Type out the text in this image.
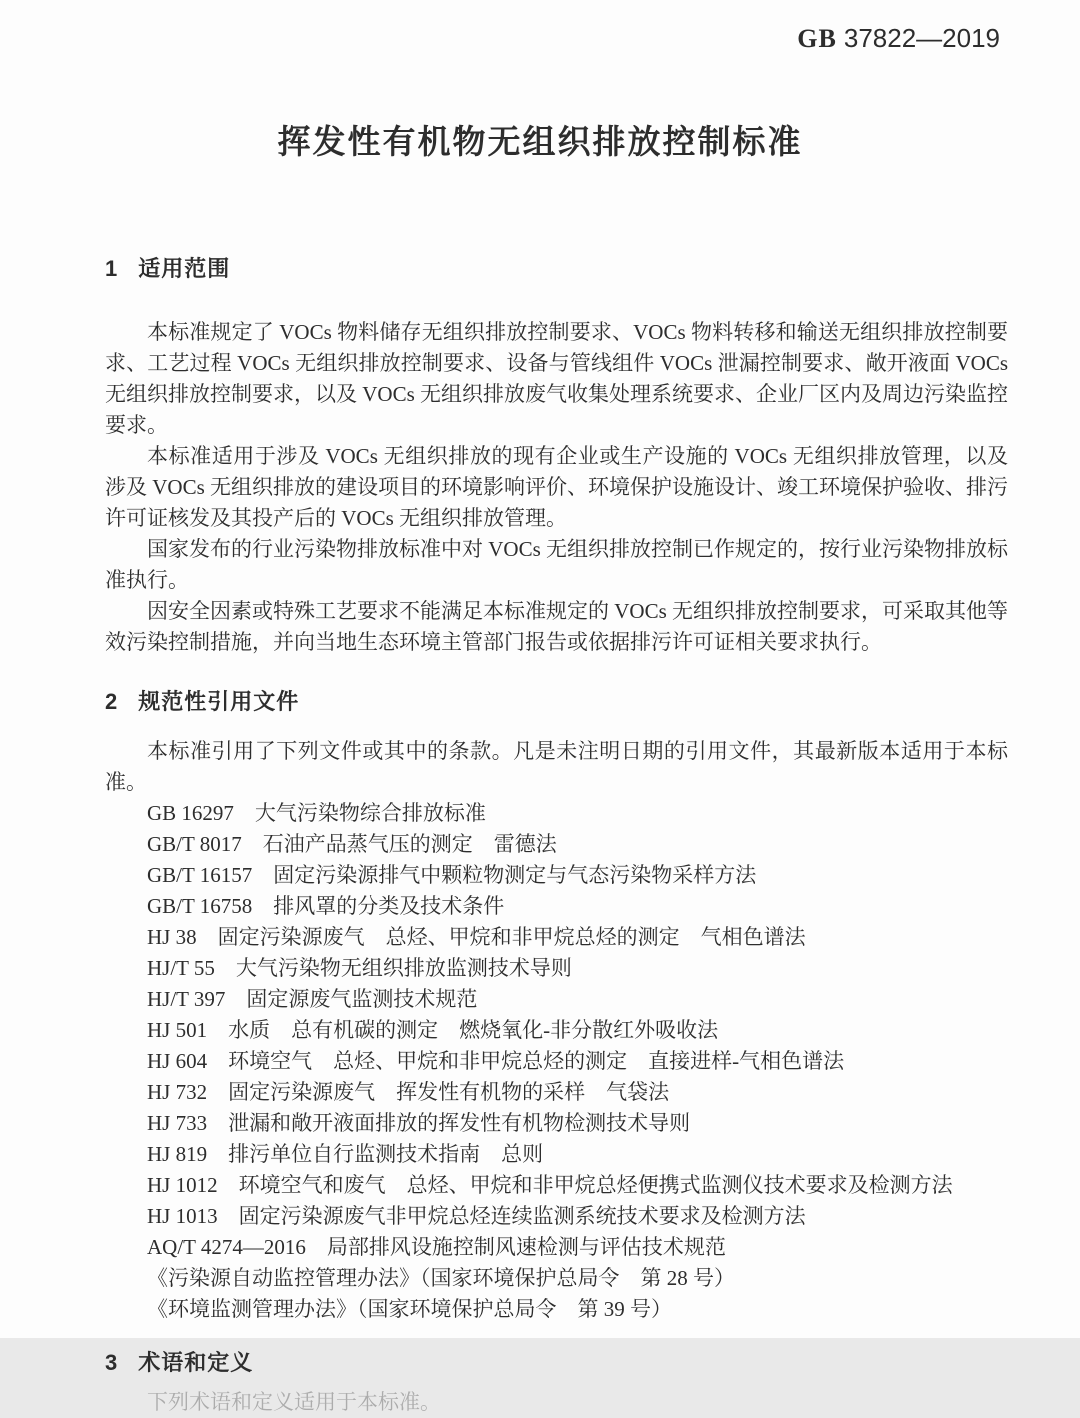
GB 37822—2019
挥发性有机物无组织排放控制标准
1 适用范围

本标准规定了 VOCs 物料储存无组织排放控制要求、VOCs 物料转移和输送无组织排放控制要求、工艺过程 VOCs 无组织排放控制要求、设备与管线组件 VOCs 泄漏控制要求、敞开液面 VOCs 无组织排放控制要求，以及 VOCs 无组织排放废气收集处理系统要求、企业厂区内及周边污染监控要求。

本标准适用于涉及 VOCs 无组织排放的现有企业或生产设施的 VOCs 无组织排放管理，以及涉及 VOCs 无组织排放的建设项目的环境影响评价、环境保护设施设计、竣工环境保护验收、排污许可证核发及其投产后的 VOCs 无组织排放管理。

国家发布的行业污染物排放标准中对 VOCs 无组织排放控制已作规定的，按行业污染物排放标准执行。

因安全因素或特殊工艺要求不能满足本标准规定的 VOCs 无组织排放控制要求，可采取其他等效污染控制措施，并向当地生态环境主管部门报告或依据排污许可证相关要求执行。

2 规范性引用文件

本标准引用了下列文件或其中的条款。凡是未注明日期的引用文件，其最新版本适用于本标准。

GB 16297　大气污染物综合排放标准

GB/T 8017　石油产品蒸气压的测定　雷德法

GB/T 16157　固定污染源排气中颗粒物测定与气态污染物采样方法

GB/T 16758　排风罩的分类及技术条件

HJ 38　固定污染源废气　总烃、甲烷和非甲烷总烃的测定　气相色谱法

HJ/T 55　大气污染物无组织排放监测技术导则

HJ/T 397　固定源废气监测技术规范

HJ 501　水质　总有机碳的测定　燃烧氧化-非分散红外吸收法

HJ 604　环境空气　总烃、甲烷和非甲烷总烃的测定　直接进样-气相色谱法

HJ 732　固定污染源废气　挥发性有机物的采样　气袋法

HJ 733　泄漏和敞开液面排放的挥发性有机物检测技术导则

HJ 819　排污单位自行监测技术指南　总则

HJ 1012　环境空气和废气　总烃、甲烷和非甲烷总烃便携式监测仪技术要求及检测方法

HJ 1013　固定污染源废气非甲烷总烃连续监测系统技术要求及检测方法

AQ/T 4274—2016　局部排风设施控制风速检测与评估技术规范

《污染源自动监控管理办法》（国家环境保护总局令　第 28 号）

《环境监测管理办法》（国家环境保护总局令　第 39 号）

3 术语和定义
下列术语和定义适用于本标准。
